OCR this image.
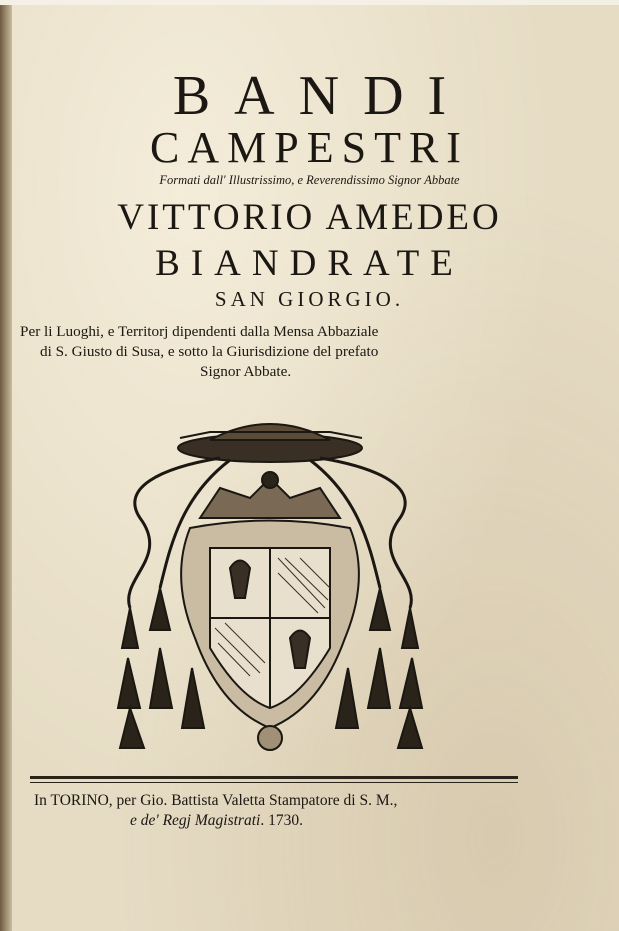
BANDI
CAMPESTRI
Formati dall' Illustrissimo, e Reverendissimo Signor Abbate
VITTORIO AMEDEO
BIANDRATE
SAN GIORGIO.
Per li Luoghi, e Territorj dipendenti dalla Mensa Abbaziale
di S. Giusto di Susa, e sotto la Giurisdizione del prefato
Signor Abbate.
In TORINO, per Gio. Battista Valetta Stampatore di S. M.,
e de' Regj Magistrati. 1730.
